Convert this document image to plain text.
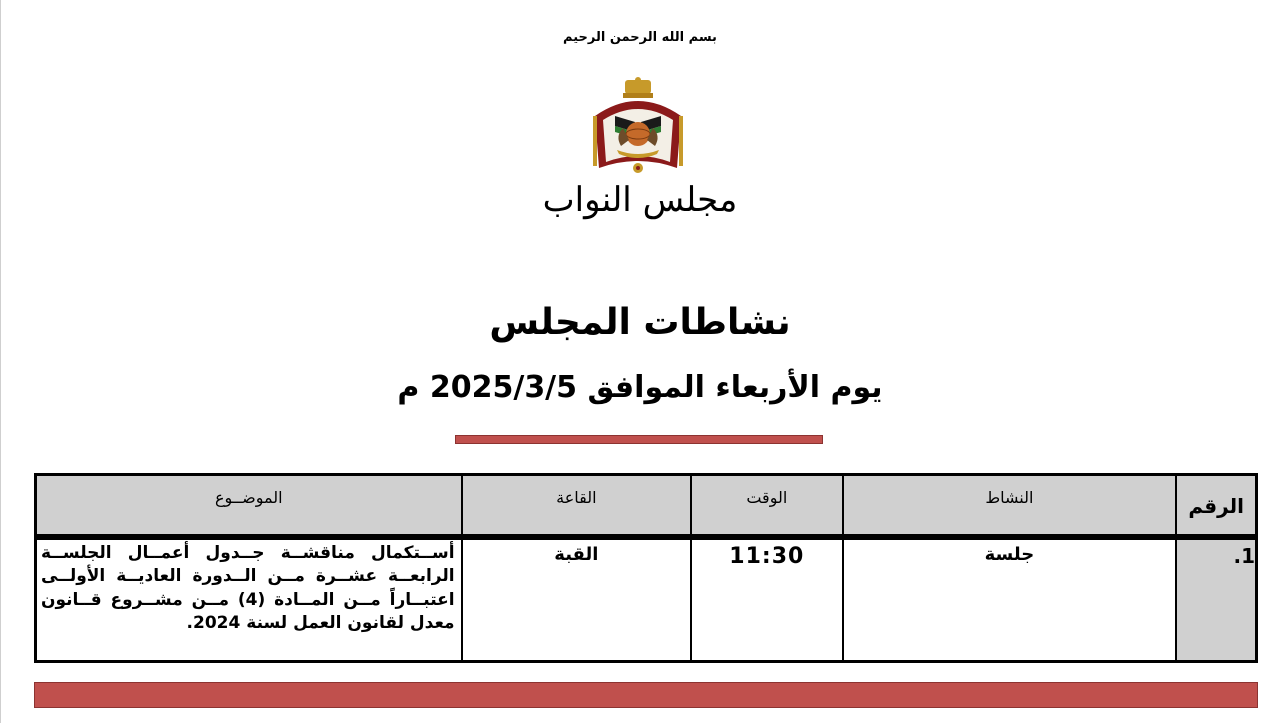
بسم الله الرحمن الرحيم
مجلس النواب
نشاطات المجلس
يوم الأربعاء الموافق 2025/3/5 م
الرقم	النشاط	الوقت	القاعة	الموضــوع
1.	جلسة	11:30	القبة	أســتكمال مناقشــة جــدول أعمــال الجلســة الرابعــة عشــرة مــن الــدورة العاديــة الأولــى اعتبــاراً مــن المــادة (4) مــن مشــروع قــانون معدل لقانون العمل لسنة 2024.
